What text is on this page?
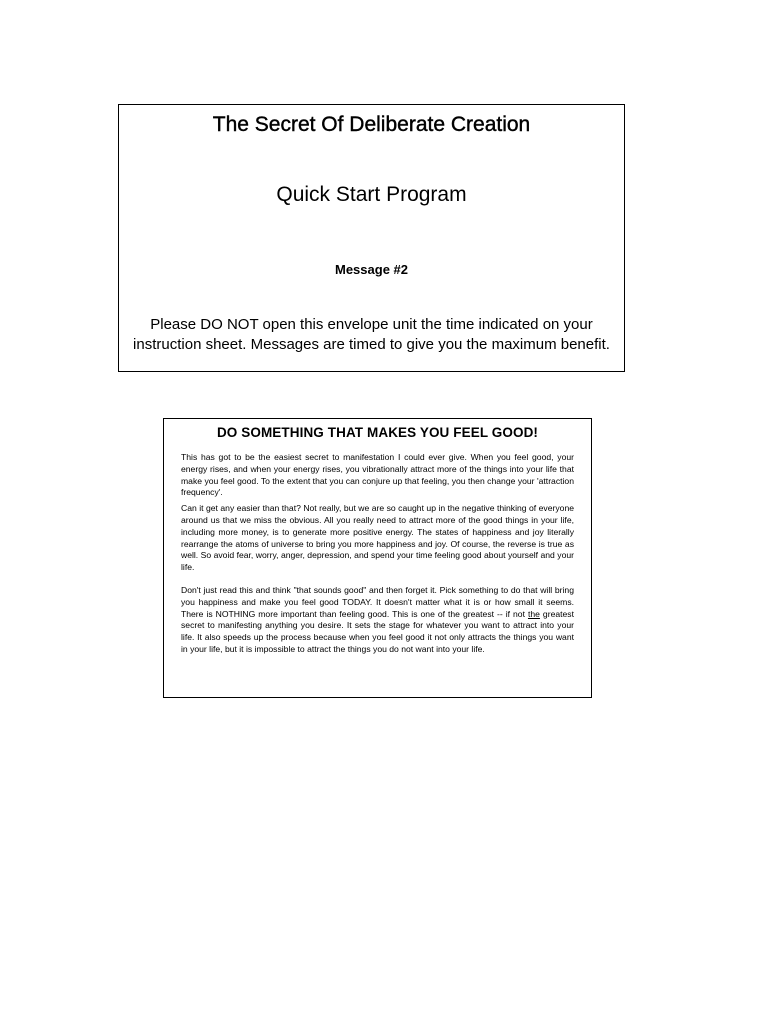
The Secret Of Deliberate Creation

Quick Start Program

Message #2

Please DO NOT open this envelope unit the time indicated on your
instruction sheet. Messages are timed to give you the maximum benefit.

DO SOMETHING THAT MAKES YOU FEEL GOOD!

This has got to be the easiest secret to manifestation I could ever give. When you feel good, your energy rises, and when your energy rises, you vibrationally attract more of the things into your life that make you feel good. To the extent that you can conjure up that feeling, you then change your 'attraction frequency'.

Can it get any easier than that? Not really, but we are so caught up in the negative thinking of everyone around us that we miss the obvious. All you really need to attract more of the good things in your life, including more money, is to generate more positive energy. The states of happiness and joy literally rearrange the atoms of universe to bring you more happiness and joy. Of course, the reverse is true as well. So avoid fear, worry, anger, depression, and spend your time feeling good about yourself and your life.

Don't just read this and think "that sounds good" and then forget it. Pick something to do that will bring you happiness and make you feel good TODAY. It doesn't matter what it is or how small it seems. There is NOTHING more important than feeling good. This is one of the greatest -- if not the greatest secret to manifesting anything you desire. It sets the stage for whatever you want to attract into your life. It also speeds up the process because when you feel good it not only attracts the things you want in your life, but it is impossible to attract the things you do not want into your life.
